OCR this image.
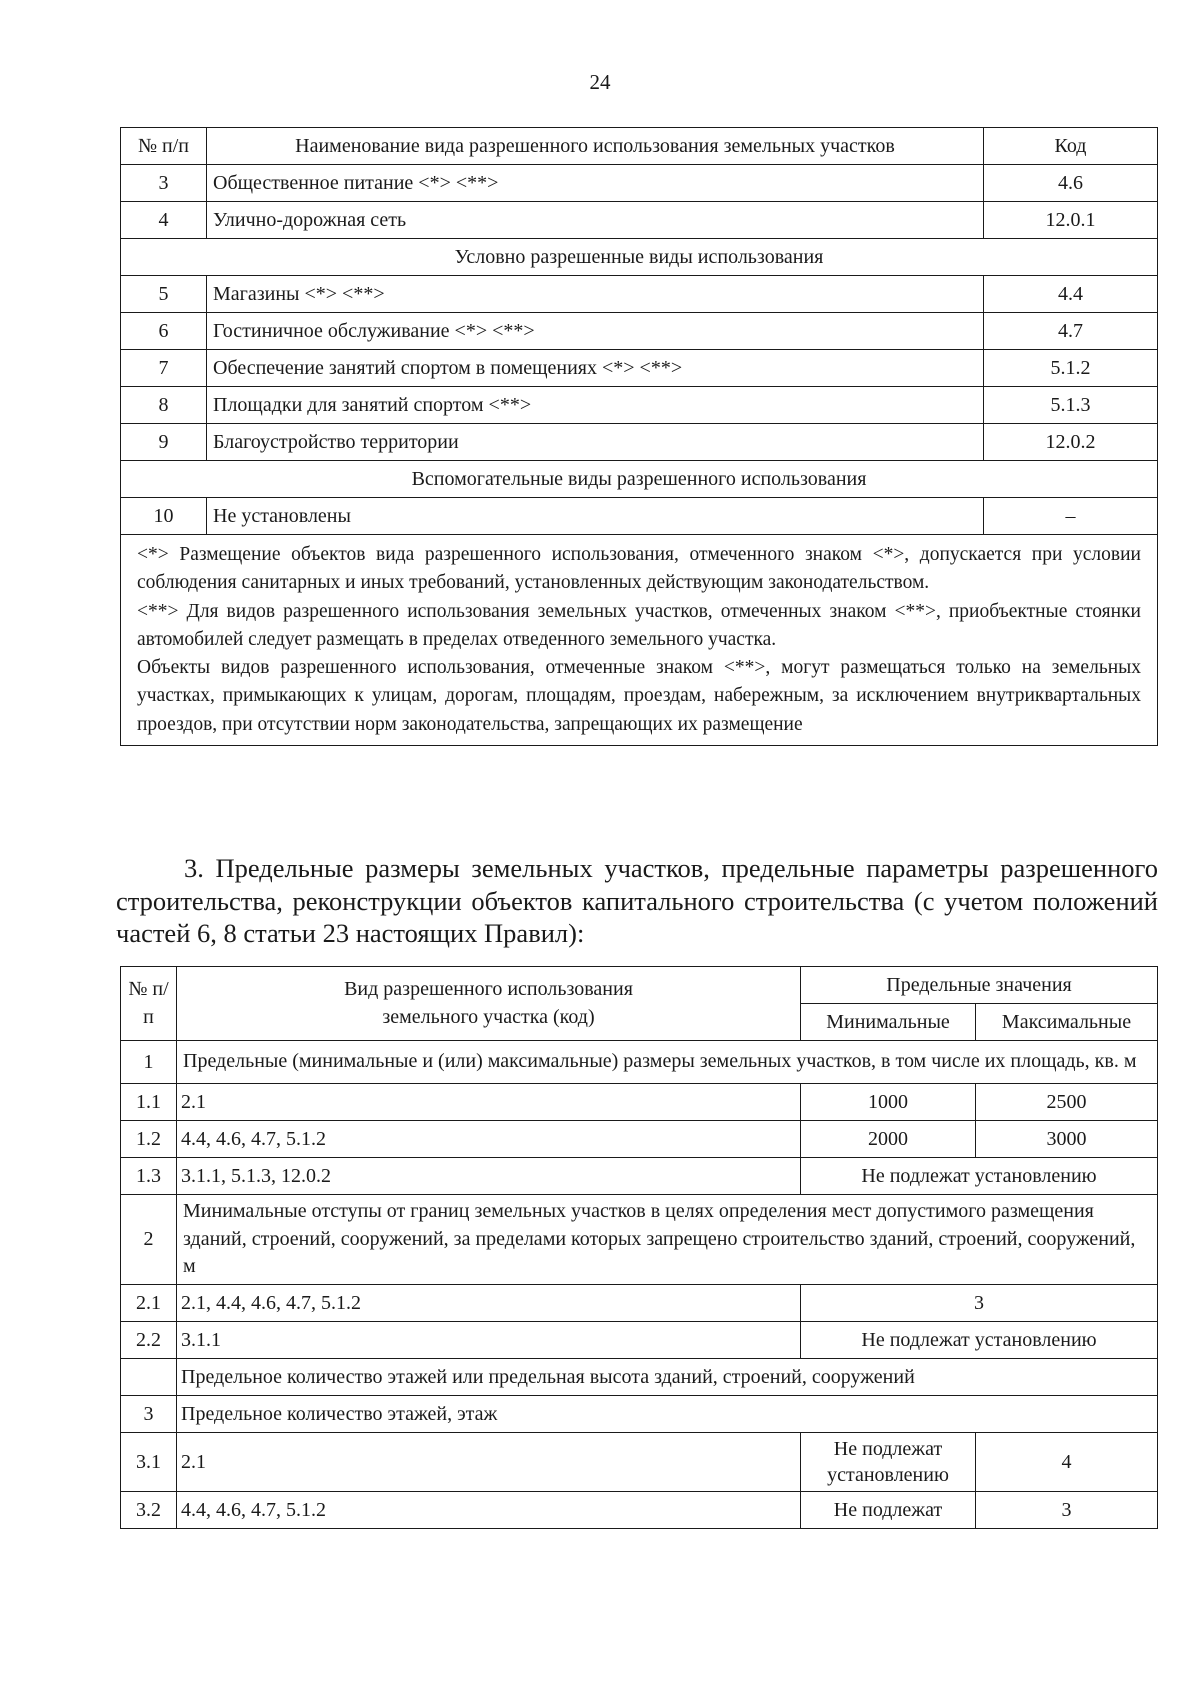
24
№ п/п	Наименование вида разрешенного использования земельных участков	Код
3	Общественное питание <*> <**>	4.6
4	Улично-дорожная сеть	12.0.1
Условно разрешенные виды использования		
5	Магазины <*> <**>	4.4
6	Гостиничное обслуживание <*> <**>	4.7
7	Обеспечение занятий спортом в помещениях <*> <**>	5.1.2
8	Площадки для занятий спортом <**>	5.1.3
9	Благоустройство территории	12.0.2
Вспомогательные виды разрешенного использования		
10	Не установлены	–

<*> Размещение объектов вида разрешенного использования, отмеченного знаком <*>, допускается при условии соблюдения санитарных и иных требований, установленных действующим законодательством.

<**> Для видов разрешенного использования земельных участков, отмеченных знаком <**>, приобъектные стоянки автомобилей следует размещать в пределах отведенного земельного участка.

Объекты видов разрешенного использования, отмеченные знаком <**>, могут размещаться только на земельных участках, примыкающих к улицам, дорогам, площадям, проездам, набережным, за исключением внутриквартальных проездов, при отсутствии норм законодательства, запрещающих их размещение		

3. Предельные размеры земельных участков, предельные параметры разрешенного строительства, реконструкции объектов капитального строительства (с учетом положений частей 6, 8 статьи 23 настоящих Правил):

№ п/п	Вид разрешенного использования земельного участка (код)	Предельные значения	
		Минимальные	Максимальные
1	Предельные (минимальные и (или) максимальные) размеры земельных участков, в том числе их площадь, кв. м		
1.1	2.1	1000	2500
1.2	4.4, 4.6, 4.7, 5.1.2	2000	3000
1.3	3.1.1, 5.1.3, 12.0.2	Не подлежат установлению	
2	Минимальные отступы от границ земельных участков в целях определения мест допустимого размещения зданий, строений, сооружений, за пределами которых запрещено строительство зданий, строений, сооружений, м		
2.1	2.1, 4.4, 4.6, 4.7, 5.1.2	3	
2.2	3.1.1	Не подлежат установлению	
	Предельное количество этажей или предельная высота зданий, строений, сооружений		
3	Предельное количество этажей, этаж		
3.1	2.1	Не подлежат установлению	4
3.2	4.4, 4.6, 4.7, 5.1.2	Не подлежат	3
